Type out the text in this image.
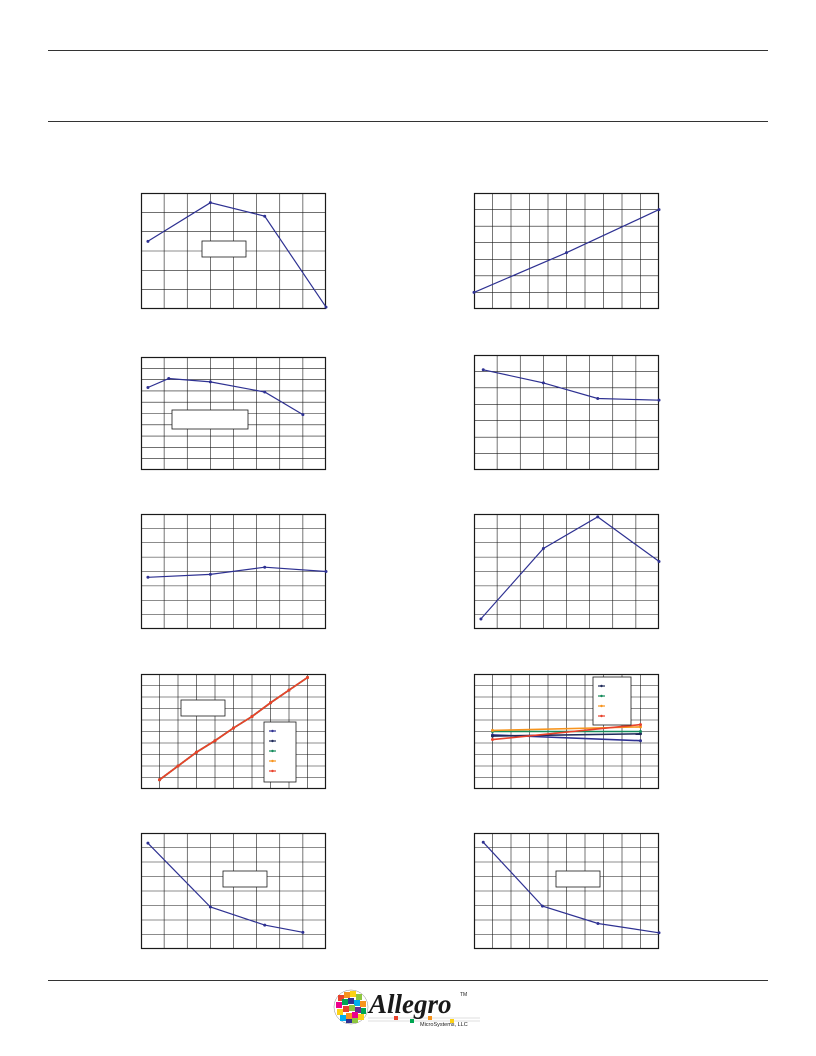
Allegro TM
MicroSystems, LLC
